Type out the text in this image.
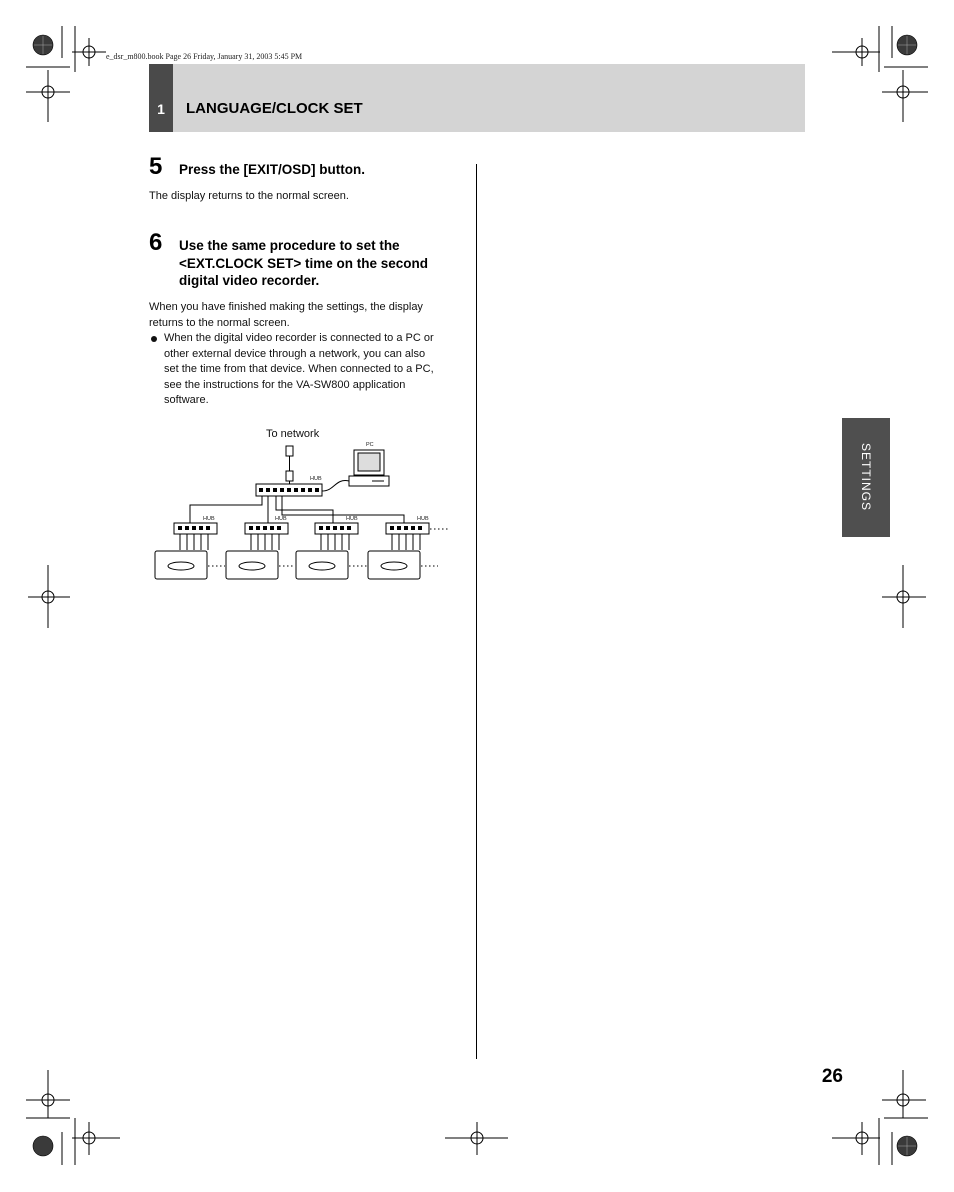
e_dsr_m800.book Page 26 Friday, January 31, 2003 5:45 PM
1	LANGUAGE/CLOCK SET
5 Press the [EXIT/OSD] button.
The display returns to the normal screen.
6 Use the same procedure to set the
<EXT.CLOCK SET> time on the second
digital video recorder.
When you have finished making the settings, the display
returns to the normal screen.
When the digital video recorder is connected to a PC or
other external device through a network, you can also
set the time from that device. When connected to a PC,
see the instructions for the VA-SW800 application
software.
To network
PC
HUB
HUB	HUB	HUB	HUB
SETTINGS
26
